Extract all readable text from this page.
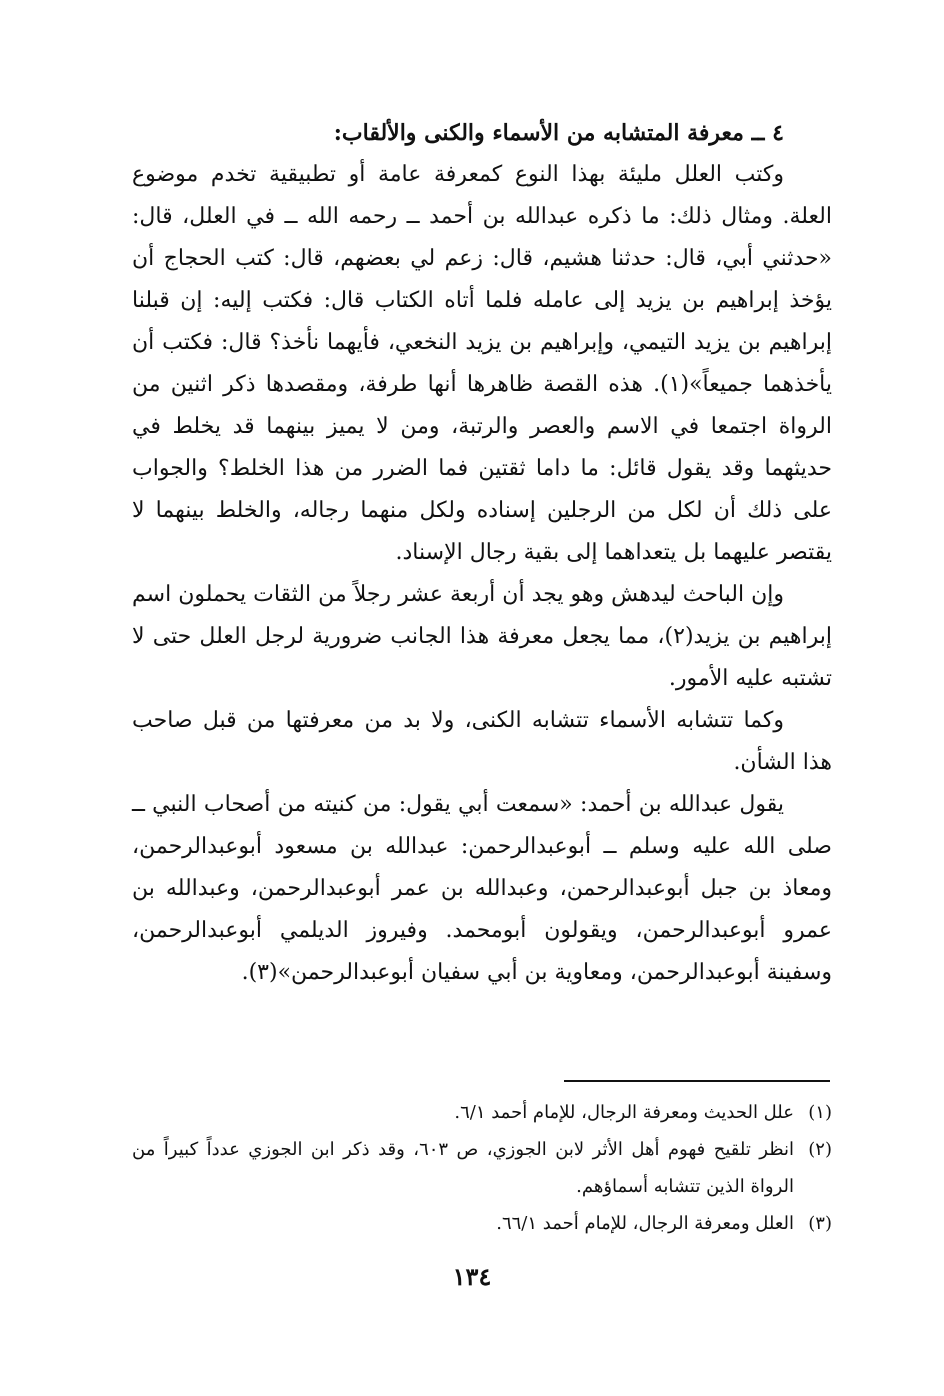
٤ ــ معرفة المتشابه من الأسماء والكنى والألقاب:

وكتب العلل مليئة بهذا النوع كمعرفة عامة أو تطبيقية تخدم موضوع العلة. ومثال ذلك: ما ذكره عبدالله بن أحمد ــ رحمه الله ــ في العلل، قال: «حدثني أبي، قال: حدثنا هشيم، قال: زعم لي بعضهم، قال: كتب الحجاج أن يؤخذ إبراهيم بن يزيد إلى عامله فلما أتاه الكتاب قال: فكتب إليه: إن قبلنا إبراهيم بن يزيد التيمي، وإبراهيم بن يزيد النخعي، فأيهما نأخذ؟ قال: فكتب أن يأخذهما جميعاً»(١). هذه القصة ظاهرها أنها طرفة، ومقصدها ذكر اثنين من الرواة اجتمعا في الاسم والعصر والرتبة، ومن لا يميز بينهما قد يخلط في حديثهما وقد يقول قائل: ما داما ثقتين فما الضرر من هذا الخلط؟ والجواب على ذلك أن لكل من الرجلين إسناده ولكل منهما رجاله، والخلط بينهما لا يقتصر عليهما بل يتعداهما إلى بقية رجال الإسناد.

وإن الباحث ليدهش وهو يجد أن أربعة عشر رجلاً من الثقات يحملون اسم إبراهيم بن يزيد(٢)، مما يجعل معرفة هذا الجانب ضرورية لرجل العلل حتى لا تشتبه عليه الأمور.

وكما تتشابه الأسماء تتشابه الكنى، ولا بد من معرفتها من قبل صاحب هذا الشأن.

يقول عبدالله بن أحمد: «سمعت أبي يقول: من كنيته من أصحاب النبي ــ صلى الله عليه وسلم ــ أبوعبدالرحمن: عبدالله بن مسعود أبوعبدالرحمن، ومعاذ بن جبل أبوعبدالرحمن، وعبدالله بن عمر أبوعبدالرحمن، وعبدالله بن عمرو أبوعبدالرحمن، ويقولون أبومحمد. وفيروز الديلمي أبوعبدالرحمن، وسفينة أبوعبدالرحمن، ومعاوية بن أبي سفيان أبوعبدالرحمن»(٣).

(١)
علل الحديث ومعرفة الرجال، للإمام أحمد ٦/١.
(٢)
انظر تلقيح فهوم أهل الأثر لابن الجوزي، ص ٦٠٣، وقد ذكر ابن الجوزي عدداً كبيراً من الرواة الذين تتشابه أسماؤهم.
(٣)
العلل ومعرفة الرجال، للإمام أحمد ٦٦/١.
١٣٤
